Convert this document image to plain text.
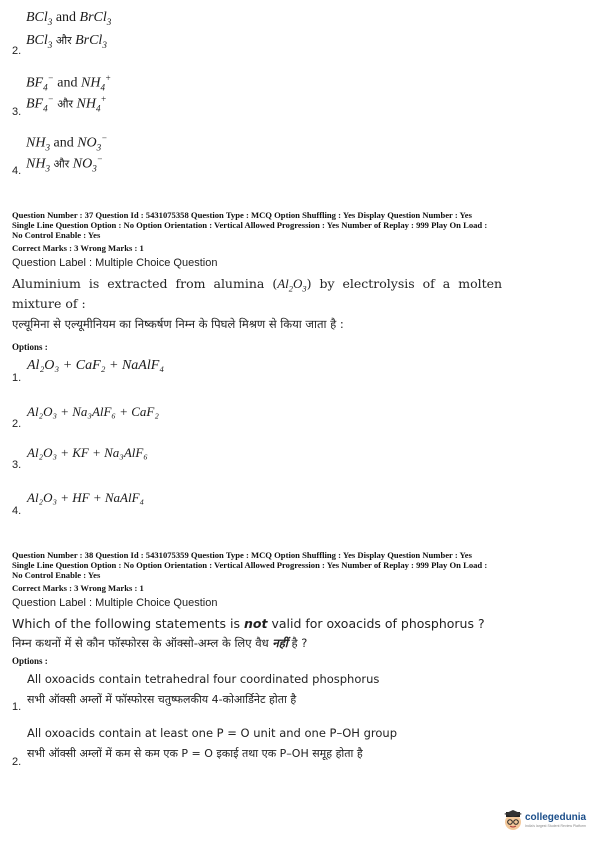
BCl$_3$ and BrCl$_3$
BCl$_3$ और BrCl$_3$
2.
$BF_4^-$ and $NH_4^+$
$BF_4^-$ और $NH_4^+$
3.
$NH_3$ and $NO_3^-$
$NH_3$ और $NO_3^-$
4.
Question Number : 37 Question Id : 5431075358 Question Type : MCQ Option Shuffling : Yes Display Question Number : Yes
Single Line Question Option : No Option Orientation : Vertical Allowed Progression : Yes Number of Replay : 999 Play On Load :
No Control Enable : Yes
Correct Marks : 3 Wrong Marks : 1
Question Label : Multiple Choice Question
Aluminium is extracted from alumina $(Al_2O_3)$ by electrolysis of a molten
mixture of :
एल्यूमिना से एल्यूमीनियम का निष्कर्षण निम्न के पिघले मिश्रण से किया जाता है :
Options :
Al₂O₃ + CaF₂ + NaAlF₄
1.
Al₂O₃ + Na₃AlF₆ + CaF₂
2.
Al₂O₃ + KF + Na₃AlF₆
3.
Al₂O₃ + HF + NaAlF₄
4.
Question Number : 38 Question Id : 5431075359 Question Type : MCQ Option Shuffling : Yes Display Question Number : Yes
Single Line Question Option : No Option Orientation : Vertical Allowed Progression : Yes Number of Replay : 999 Play On Load :
No Control Enable : Yes
Correct Marks : 3 Wrong Marks : 1
Question Label : Multiple Choice Question
Which of the following statements is not valid for oxoacids of phosphorus ?
निम्न कथनों में से कौन फॉस्फोरस के ऑक्सो-अम्ल के लिए वैध नहीं है ?
Options :
All oxoacids contain tetrahedral four coordinated phosphorus
सभी ऑक्सी अम्लों में फॉस्फोरस चतुष्फलकीय 4-कोआर्डिनेट होता है
1.
All oxoacids contain at least one P = O unit and one P–OH group
सभी ऑक्सी अम्लों में कम से कम एक P = O इकाई तथा एक P–OH समूह होता है
2.
collegedunia
India's largest Student Review Platform
